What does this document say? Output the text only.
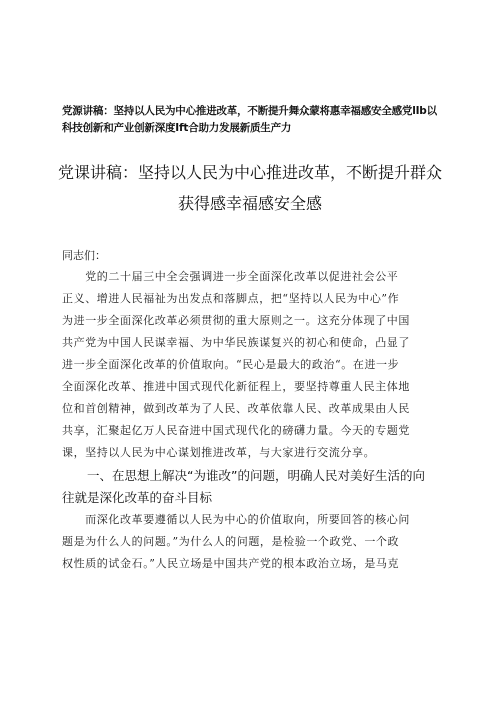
党源讲稿：坚持以人民为中心推进改革，不断提升舞众蒙将惠幸福感安全感党lIb以
科技创新和产业创新深度Ift合助力发展新质生产力
党课讲稿：坚持以人民为中心推进改革，不断提升群众
获得感幸福感安全感
同志们：
　　党的二十届三中全会强调进一步全面深化改革以促进社会公平
正义、增进人民福祉为出发点和落脚点，把“坚持以人民为中心”作
为进一步全面深化改革必须贯彻的重大原则之一。这充分体现了中国
共产党为中国人民谋幸福、为中华民族谋复兴的初心和使命，凸显了
进一步全面深化改革的价值取向。“民心是最大的政治“。在进一步
全面深化改革、推进中国式现代化新征程上，要坚持尊重人民主体地
位和首创精神，做到改革为了人民、改革依靠人民、改革成果由人民
共享，汇聚起亿万人民奋进中国式现代化的磅礴力量。今天的专题党
课，坚持以人民为中心谋划推进改革，与大家进行交流分享。
　　一、在思想上解决“为谁改”的问题，明确人民对美好生活的向
往就是深化改革的奋斗目标
　　而深化改革要遵循以人民为中心的价值取向，所要回答的核心问
题是为什么人的问题。”为什么人的问题，是检验一个政党、一个政
权性质的试金石。”人民立场是中国共产党的根本政治立场，是马克
